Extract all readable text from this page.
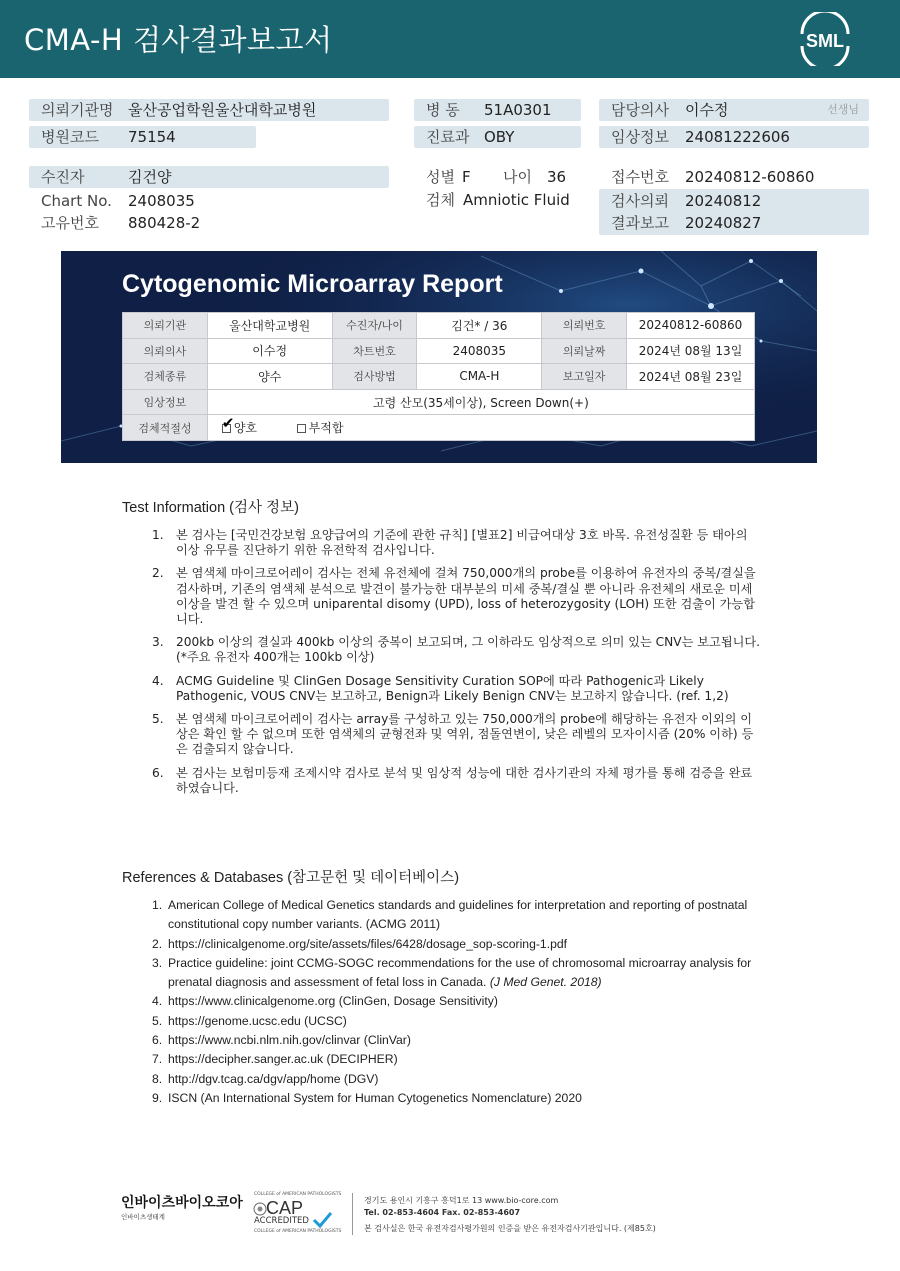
CMA-H 검사결과보고서	SML
의뢰기관명 울산공업학원울산대학교병원
병원코드 75154
병 동 51A0301
진료과 OBY
담당의사 이수정	선생님
임상정보 24081222606
수진자	김건양
Chart No. 2408035
고유번호 880428-2
성별 F 나이 36
검체 Amniotic Fluid
접수번호 20240812-60860
검사의뢰 20240812
결과보고 20240827
Cytogenomic Microarray Report
의뢰기관	울산대학교병원	수진자/나이	김건* / 36	의뢰번호	20240812-60860
의뢰의사	이수정	차트번호	2408035	의뢰날짜	2024년 08월 13일
검체종류	양수	검사방법	CMA-H	보고일자	2024년 08월 23일
임상정보	고령 산모(35세이상), Screen Down(+)				
검체적절성	✔ 양호 부적합				
Test Information (검사 정보)
1. 본 검사는 [국민건강보험 요양급여의 기준에 관한 규칙] [별표2] 비급여대상 3호 바목. 유전성질환 등 태아의 이상 유무를 진단하기 위한 유전학적 검사입니다.
2. 본 염색체 마이크로어레이 검사는 전체 유전체에 걸쳐 750,000개의 probe를 이용하여 유전자의 중복/결실을 검사하며, 기존의 염색체 분석으로 발견이 불가능한 대부분의 미세 중복/결실 뿐 아니라 유전체의 새로운 미세이상을 발견 할 수 있으며 uniparental disomy (UPD), loss of heterozygosity (LOH) 또한 검출이 가능합니다.
3. 200kb 이상의 결실과 400kb 이상의 중복이 보고되며, 그 이하라도 임상적으로 의미 있는 CNV는 보고됩니다. (*주요 유전자 400개는 100kb 이상)
4. ACMG Guideline 및 ClinGen Dosage Sensitivity Curation SOP에 따라 Pathogenic과 Likely Pathogenic, VOUS CNV는 보고하고, Benign과 Likely Benign CNV는 보고하지 않습니다. (ref. 1,2)
5. 본 염색체 마이크로어레이 검사는 array를 구성하고 있는 750,000개의 probe에 해당하는 유전자 이외의 이상은 확인 할 수 없으며 또한 염색체의 균형전좌 및 역위, 점돌연변이, 낮은 레벨의 모자이시즘 (20% 이하) 등은 검출되지 않습니다.
6. 본 검사는 보험미등재 조제시약 검사로 분석 및 임상적 성능에 대한 검사기관의 자체 평가를 통해 검증을 완료하였습니다.
References & Databases (참고문헌 및 데이터베이스)
1. American College of Medical Genetics standards and guidelines for interpretation and reporting of postnatal constitutional copy number variants. (ACMG 2011)
2. https://clinicalgenome.org/site/assets/files/6428/dosage_sop-scoring-1.pdf
3. Practice guideline: joint CCMG-SOGC recommendations for the use of chromosomal microarray analysis for prenatal diagnosis and assessment of fetal loss in Canada. (J Med Genet. 2018)
4. https://www.clinicalgenome.org (ClinGen, Dosage Sensitivity)
5. https://genome.ucsc.edu (UCSC)
6. https://www.ncbi.nlm.nih.gov/clinvar (ClinVar)
7. https://decipher.sanger.ac.uk (DECIPHER)
8. http://dgv.tcag.ca/dgv/app/home (DGV)
9. ISCN (An International System for Human Cytogenetics Nomenclature) 2020
인바이츠바이오코아
인바이츠생태계
COLLEGE of AMERICAN PATHOLOGISTS
CAP
ACCREDITED
COLLEGE of AMERICAN PATHOLOGISTS
경기도 용인시 기흥구 흥덕1로 13 www.bio-core.com
Tel. 02-853-4604 Fax. 02-853-4607
본 검사실은 한국 유전자검사평가원의 인증을 받은 유전자검사기관입니다. (제85호)
